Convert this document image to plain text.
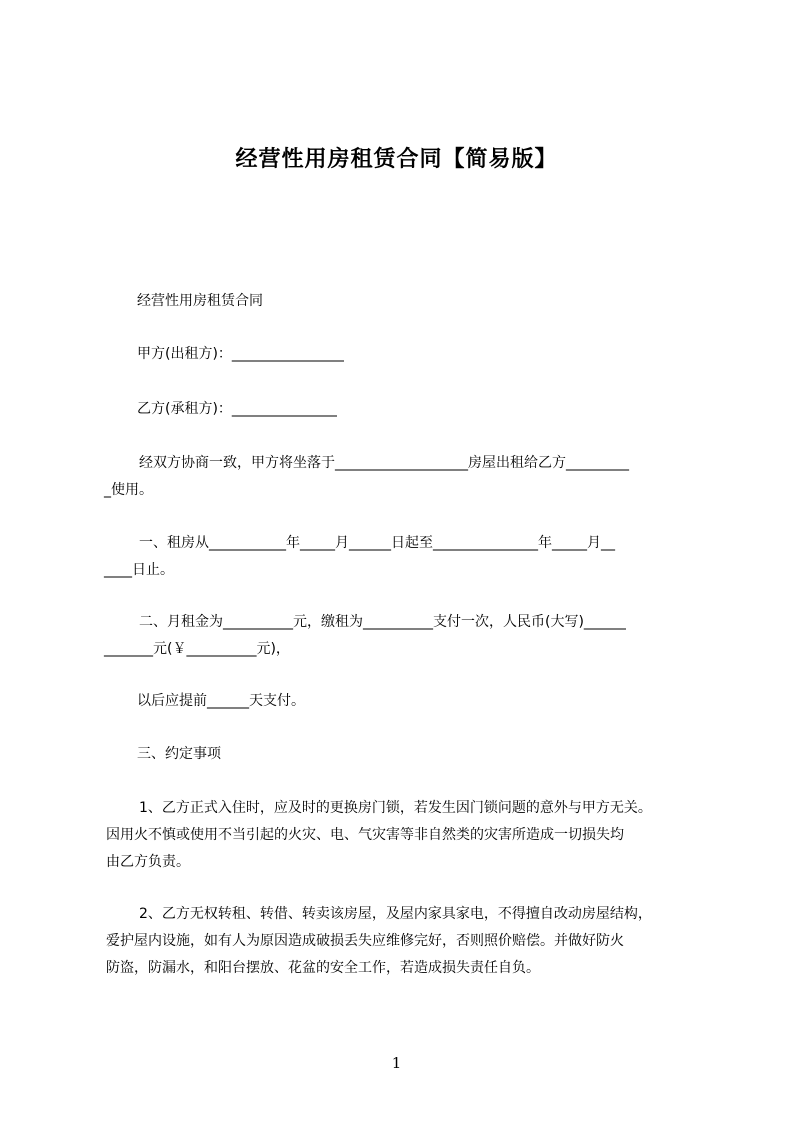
经营性用房租赁合同【简易版】
经营性用房租赁合同
甲方(出租方)：________________
乙方(承租方)：_______________
经双方协商一致，甲方将坐落于___________________房屋出租给乙方_________
_使用。
一、租房从___________年_____月______日起至_______________年_____月__
____日止。
二、月租金为__________元，缴租为__________支付一次，人民币(大写)______
_______元(￥__________元)，
以后应提前______天支付。
三、约定事项
1、乙方正式入住时，应及时的更换房门锁，若发生因门锁问题的意外与甲方无关。
因用火不慎或使用不当引起的火灾、电、气灾害等非自然类的灾害所造成一切损失均
由乙方负责。
2、乙方无权转租、转借、转卖该房屋，及屋内家具家电，不得擅自改动房屋结构，
爱护屋内设施，如有人为原因造成破损丢失应维修完好，否则照价赔偿。并做好防火
防盗，防漏水，和阳台摆放、花盆的安全工作，若造成损失责任自负。
1
